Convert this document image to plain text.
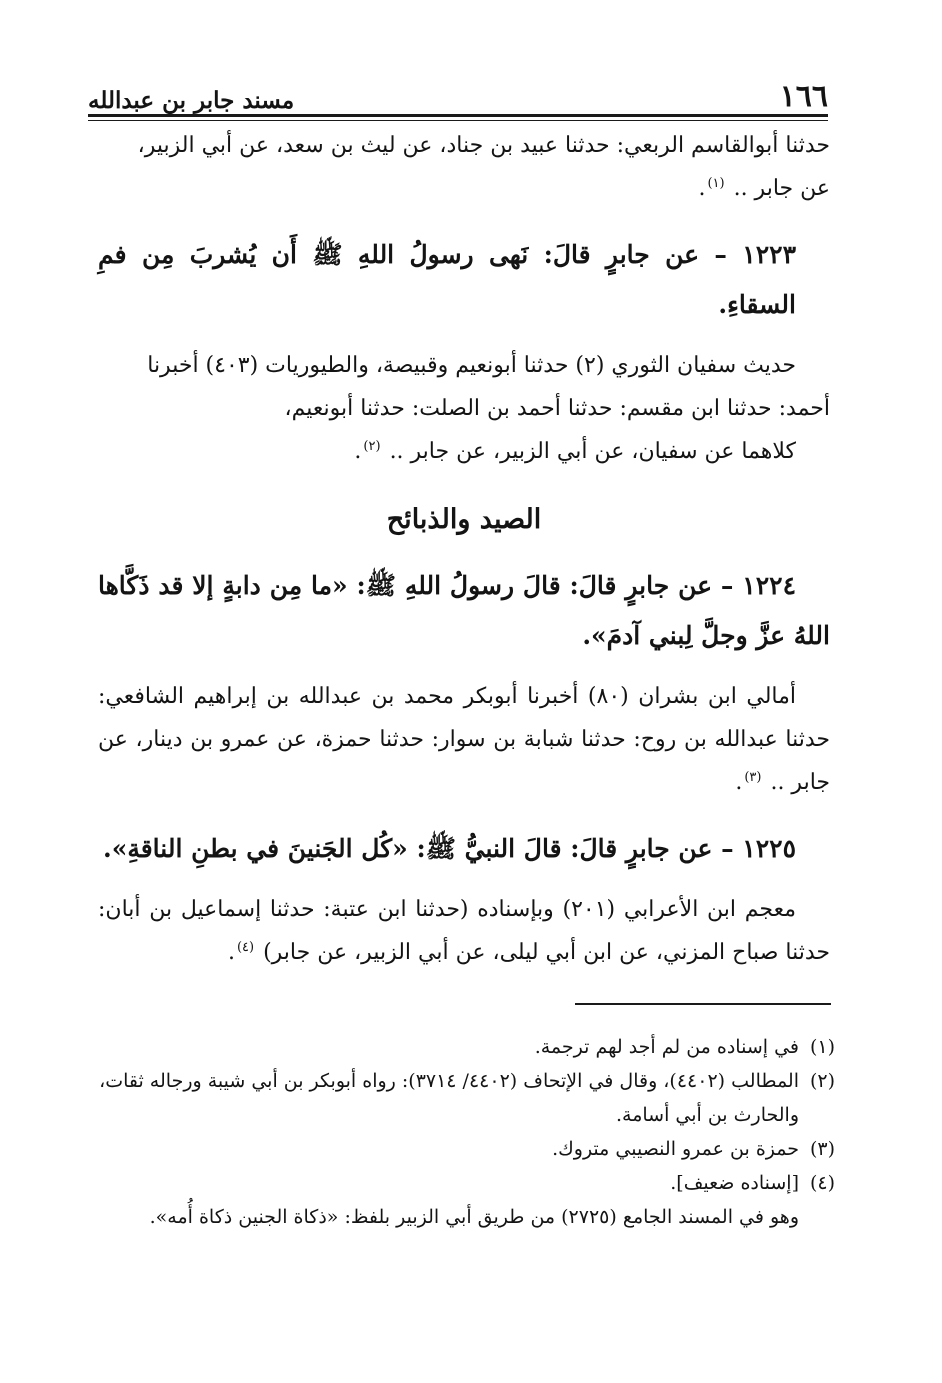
١٦٦
مسند جابر بن عبدالله

حدثنا أبوالقاسم الربعي: حدثنا عبيد بن جناد، عن ليث بن سعد، عن أبي الزبير،
عن جابر .. $^{(١)}$.

١٢٢٣ – عن جابرٍ قالَ: نَهى رسولُ اللهِ ﷺ أَن يُشربَ مِن فمِ السقاءِ.

حديث سفيان الثوري (٢) حدثنا أبونعيم وقبيصة، والطيوريات (٤٠٣) أخبرنا
أحمد: حدثنا ابن مقسم: حدثنا أحمد بن الصلت: حدثنا أبونعيم،
كلاهما عن سفيان، عن أبي الزبير، عن جابر .. $^{(٢)}$.

الصيد والذبائح

١٢٢٤ – عن جابرٍ قالَ: قالَ رسولُ اللهِ ﷺ: «ما مِن دابةٍ إلا قد ذَكَّاها اللهُ عزَّ وجلَّ لِبني آدمَ».

أمالي ابن بشران (٨٠) أخبرنا أبوبكر محمد بن عبدالله بن إبراهيم الشافعي: حدثنا عبدالله بن روح: حدثنا شبابة بن سوار: حدثنا حمزة، عن عمرو بن دينار، عن جابر .. $^{(٣)}$.

١٢٢٥ – عن جابرٍ قالَ: قالَ النبيُّ ﷺ: «كُل الجَنينَ في بطنِ الناقةِ».

معجم ابن الأعرابي (٢٠١) وبإسناده (حدثنا ابن عتبة: حدثنا إسماعيل بن أبان: حدثنا صباح المزني، عن ابن أبي ليلى، عن أبي الزبير، عن جابر) $^{(٤)}$.

(١)
في إسناده من لم أجد لهم ترجمة.
(٢)
المطالب (٤٤٠٢)، وقال في الإتحاف (٤٤٠٢/ ٣٧١٤): رواه أبوبكر بن أبي شيبة ورجاله ثقات، والحارث بن أبي أسامة.
(٣)
حمزة بن عمرو النصيبي متروك.
(٤)
[إسناده ضعيف].
وهو في المسند الجامع (٢٧٢٥) من طريق أبي الزبير بلفظ: «ذكاة الجنين ذكاة أُمه».
